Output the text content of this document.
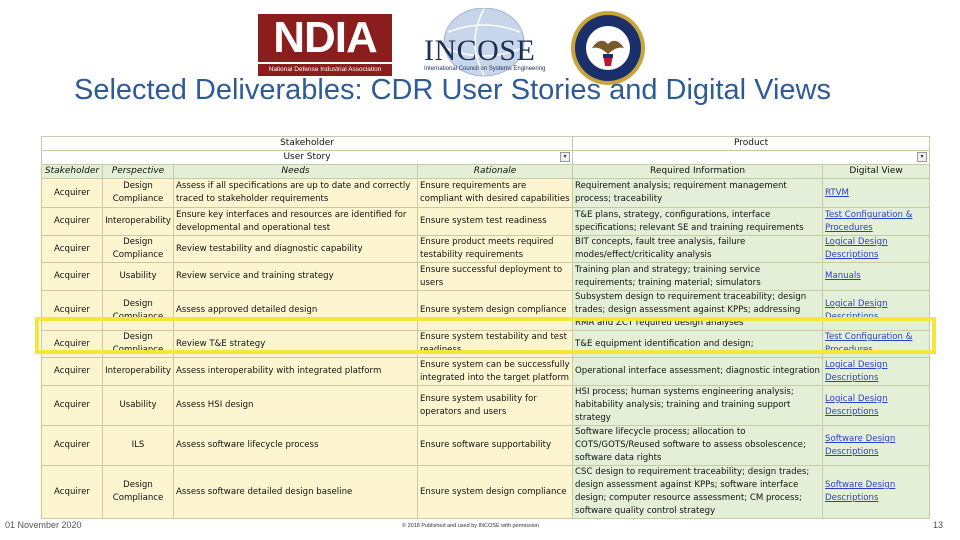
NDIA
National Defense Industrial Association
INCOSE
International Council on Systems Engineering
Selected Deliverables: CDR User Stories and Digital Views
Stakeholder				Product	
User Story ▾				▾	

Stakeholder	Perspective	Needs	Rationale	Required Information	Digital View
Acquirer	Design Compliance	Assess if all specifications are up to date and correctly traced to stakeholder requirements	Ensure requirements are compliant with desired capabilities	Requirement analysis; requirement management process; traceability	RTVM
Acquirer	Interoperability	Ensure key interfaces and resources are identified for developmental and operational test	Ensure system test readiness	T&E plans, strategy, configurations, interface specifications; relevant SE and training requirements	Test Configuration & Procedures
Acquirer	Design Compliance	Review testability and diagnostic capability	Ensure product meets required testability requirements	BIT concepts, fault tree analysis, failure modes/effect/criticality analysis	Logical Design Descriptions
Acquirer	Usability	Review service and training strategy	Ensure successful deployment to users	Training plan and strategy; training service requirements; training material; simulators	Manuals
Acquirer	Design Compliance	Assess approved detailed design	Ensure system design compliance	Subsystem design to requirement traceability; design trades; design assessment against KPPs; addressing RMA and ZCT required design analyses	Logical Design Descriptions
Acquirer	Design Compliance	Review T&E strategy	Ensure system testability and test readiness	T&E equipment identification and design;	Test Configuration & Procedures
Acquirer	Interoperability	Assess interoperability with integrated platform	Ensure system can be successfully integrated into the target platform	Operational interface assessment; diagnostic integration	Logical Design Descriptions
Acquirer	Usability	Assess HSI design	Ensure system usability for operators and users	HSI process; human systems engineering analysis; habitability analysis; training and training support strategy	Logical Design Descriptions
Acquirer	ILS	Assess software lifecycle process	Ensure software supportability	Software lifecycle process; allocation to COTS/GOTS/Reused software to assess obsolescence; software data rights	Software Design Descriptions
Acquirer	Design Compliance	Assess software detailed design baseline	Ensure system design compliance	CSC design to requirement traceability; design trades; design assessment against KPPs; software interface design; computer resource assessment; CM process; software quality control strategy	Software Design Descriptions
01 November 2020	© 2018 Published and used by INCOSE with permission	13
